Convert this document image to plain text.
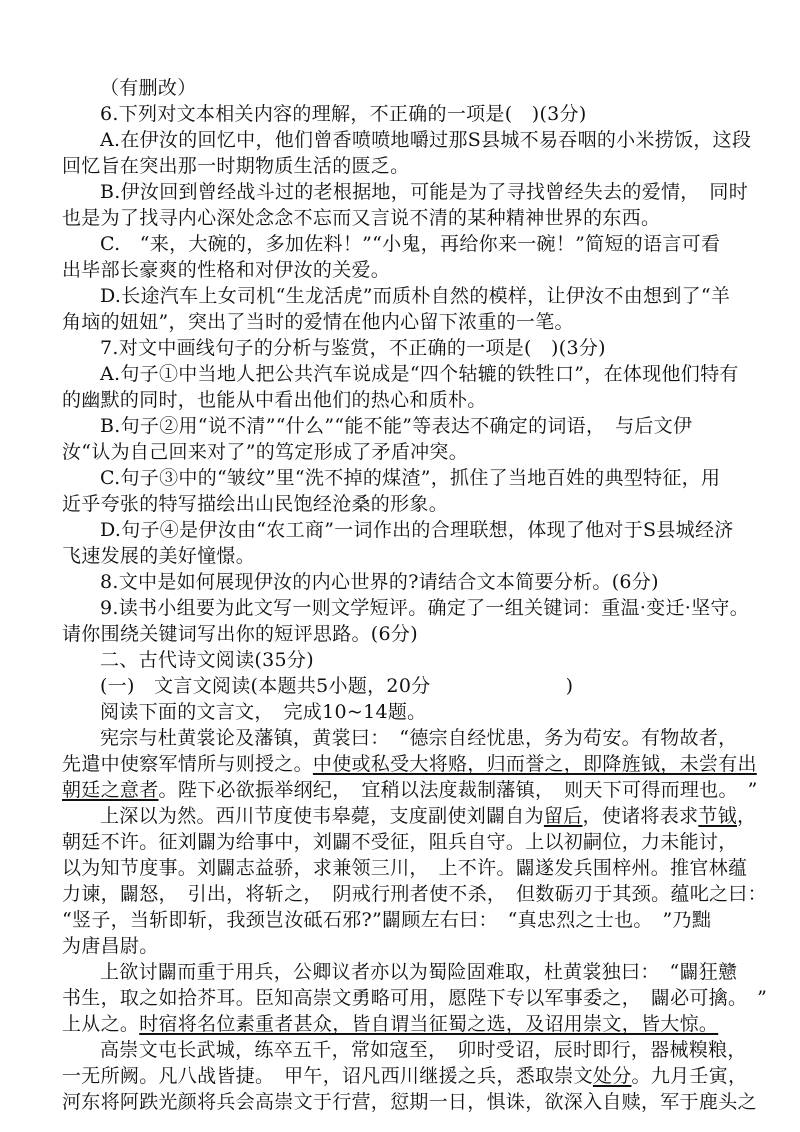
（有删改）
6.下列对文本相关内容的理解，不正确的一项是(　)(3分)
A.在伊汝的回忆中，他们曾香喷喷地嚼过那S县城不易吞咽的小米捞饭，这段
回忆旨在突出那一时期物质生活的匮乏。
B.伊汝回到曾经战斗过的老根据地，可能是为了寻找曾经失去的爱情，　同时
也是为了找寻内心深处念念不忘而又言说不清的某种精神世界的东西。
C.　“来，大碗的，多加佐料！”“小鬼，再给你来一碗！”简短的语言可看
出毕部长豪爽的性格和对伊汝的关爱。
D.长途汽车上女司机“生龙活虎”而质朴自然的模样，让伊汝不由想到了“羊
角垴的妞妞”，突出了当时的爱情在他内心留下浓重的一笔。
7.对文中画线句子的分析与鉴赏，不正确的一项是(　)(3分)
A.句子①中当地人把公共汽车说成是“四个轱辘的铁牲口”，在体现他们特有
的幽默的同时，也能从中看出他们的热心和质朴。
B.句子②用“说不清”“什么”“能不能”等表达不确定的词语，　与后文伊
汝“认为自己回来对了”的笃定形成了矛盾冲突。
C.句子③中的“皱纹”里“洗不掉的煤渣”，抓住了当地百姓的典型特征，用
近乎夸张的特写描绘出山民饱经沧桑的形象。
D.句子④是伊汝由“农工商”一词作出的合理联想，体现了他对于S县城经济
飞速发展的美好憧憬。
8.文中是如何展现伊汝的内心世界的?请结合文本简要分析。(6分)
9.读书小组要为此文写一则文学短评。确定了一组关键词：重温·变迁·坚守。
请你围绕关键词写出你的短评思路。(6分)
二、古代诗文阅读(35分)
(一)　文言文阅读(本题共5小题，20分　　　　　　　)
阅读下面的文言文，　完成10~14题。
宪宗与杜黄裳论及藩镇，黄裳曰：　“德宗自经忧患，务为苟安。有物故者，
先遣中使察军情所与则授之。中使或私受大将赂，归而誉之，即降旌钺，未尝有出
朝廷之意者。陛下必欲振举纲纪，　宜稍以法度裁制藩镇，　则天下可得而理也。　”
上深以为然。西川节度使韦皋薨，支度副使刘闢自为留后，使诸将表求节钺，
朝廷不许。征刘闢为给事中，刘闢不受征，阻兵自守。上以初嗣位，力未能讨，
以为知节度事。刘闢志益骄，求兼领三川，　上不许。闢遂发兵围梓州。推官林蕴
力谏，闢怒，　引出，将斩之，　阴戒行刑者使不杀，　但数砺刃于其颈。蕴叱之曰：
“竖子，当斩即斩，我颈岂汝砥石邪?”闢顾左右曰：　“真忠烈之士也。　”乃黜
为唐昌尉。
上欲讨闢而重于用兵，公卿议者亦以为蜀险固难取，杜黄裳独曰：　“闢狂戆
书生，取之如拾芥耳。臣知高崇文勇略可用，愿陛下专以军事委之，　闢必可擒。　”
上从之。时宿将名位素重者甚众，皆自谓当征蜀之选，及诏用崇文，皆大惊。
高崇文屯长武城，练卒五千，常如寇至，　卯时受诏，辰时即行，器械糗粮，
一无所阙。凡八战皆捷。　甲午，诏凡西川继援之兵，悉取崇文处分。九月壬寅，
河东将阿跌光颜将兵会高崇文于行营，愆期一日，惧诛，欲深入自赎，军于鹿头之
